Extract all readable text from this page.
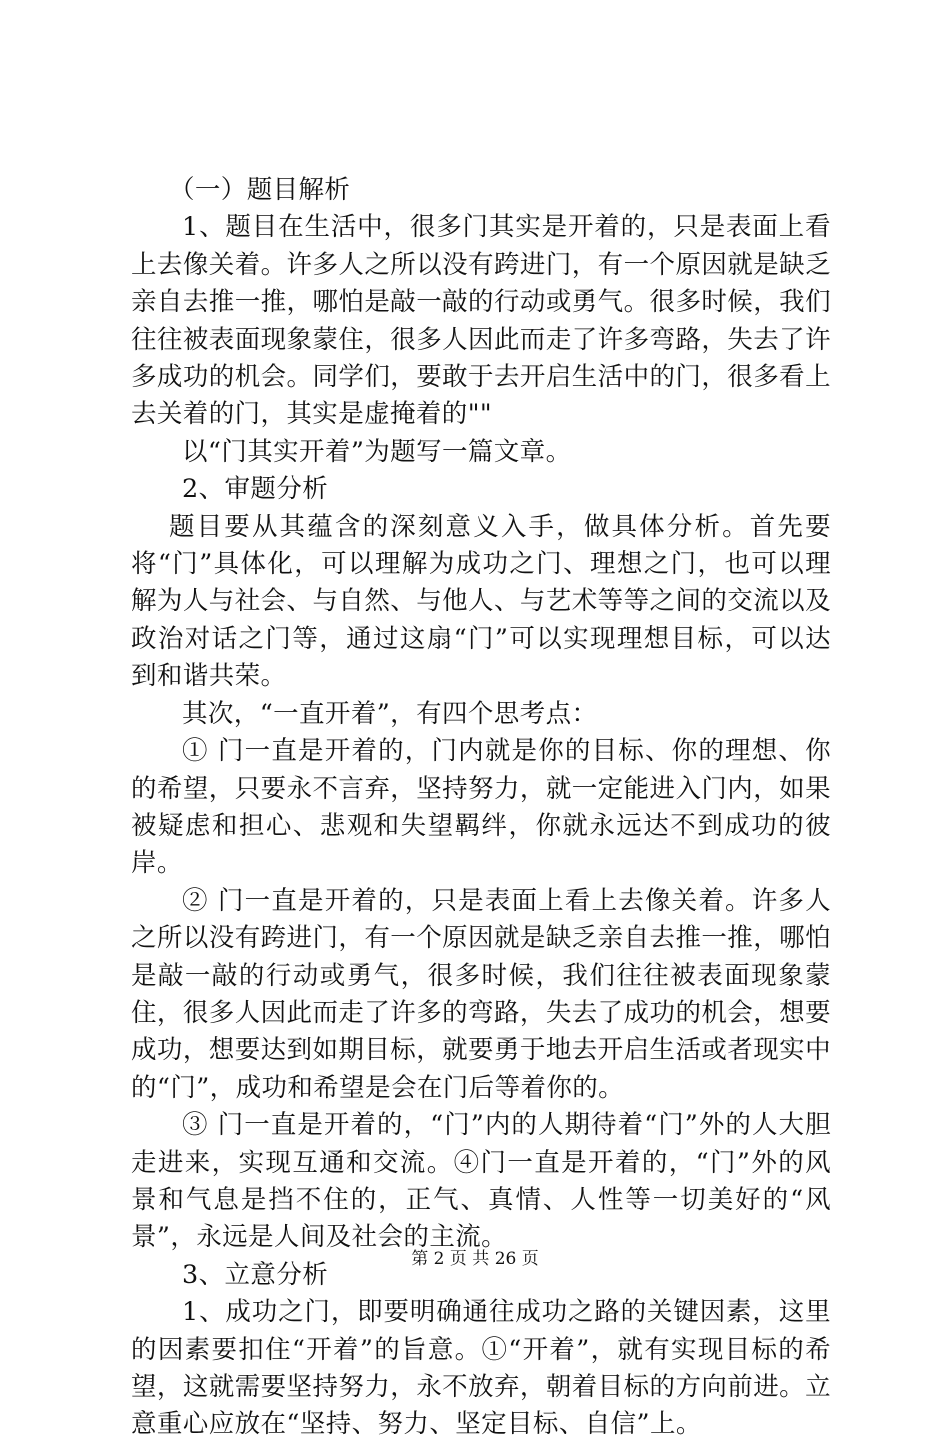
（一）题目解析

1、题目在生活中，很多门其实是开着的，只是表面上看上去像关着。许多人之所以没有跨进门，有一个原因就是缺乏亲自去推一推，哪怕是敲一敲的行动或勇气。很多时候，我们往往被表面现象蒙住，很多人因此而走了许多弯路，失去了许多成功的机会。同学们，要敢于去开启生活中的门，很多看上去关着的门，其实是虚掩着的""

以“门其实开着”为题写一篇文章。

2、审题分析

题目要从其蕴含的深刻意义入手，做具体分析。首先要将“门”具体化，可以理解为成功之门、理想之门，也可以理解为人与社会、与自然、与他人、与艺术等等之间的交流以及政治对话之门等，通过这扇“门”可以实现理想目标，可以达到和谐共荣。

其次，“一直开着”，有四个思考点：

① 门一直是开着的，门内就是你的目标、你的理想、你的希望，只要永不言弃，坚持努力，就一定能进入门内，如果被疑虑和担心、悲观和失望羁绊，你就永远达不到成功的彼岸。

② 门一直是开着的，只是表面上看上去像关着。许多人之所以没有跨进门，有一个原因就是缺乏亲自去推一推，哪怕是敲一敲的行动或勇气，很多时候，我们往往被表面现象蒙住，很多人因此而走了许多的弯路，失去了成功的机会，想要成功，想要达到如期目标，就要勇于地去开启生活或者现实中的“门”，成功和希望是会在门后等着你的。

③ 门一直是开着的，“门”内的人期待着“门”外的人大胆走进来，实现互通和交流。④门一直是开着的，“门”外的风景和气息是挡不住的，正气、真情、人性等一切美好的“风景”，永远是人间及社会的主流。

3、立意分析

1、成功之门，即要明确通往成功之路的关键因素，这里的因素要扣住“开着”的旨意。①“开着”，就有实现目标的希望，这就需要坚持努力，永不放弃，朝着目标的方向前进。立意重心应放在“坚持、努力、坚定目标、自信”上。

第 2 页 共 26 页
